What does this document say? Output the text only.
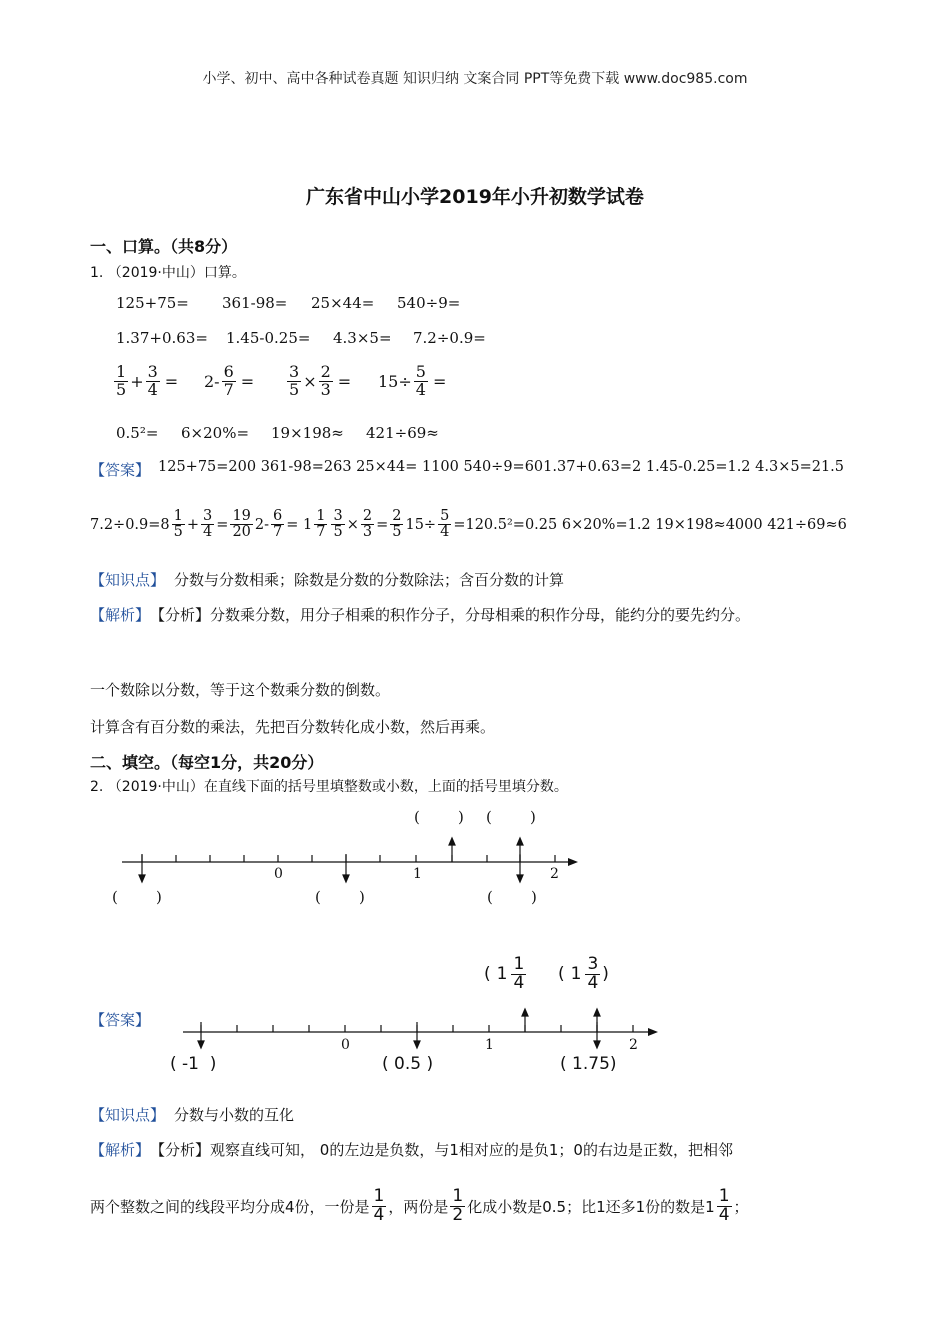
小学、初中、高中各种试卷真题 知识归纳 文案合同 PPT等免费下载 www.doc985.com
广东省中山小学2019年小升初数学试卷
一、口算。（共8分）
1. （2019·中山）口算。
125+75= 361-98= 25×44= 540÷9=
1.37+0.63= 1.45-0.25= 4.3×5= 7.2÷0.9=
$\frac{1}{5} + \frac{3}{4} = 2- \frac{6}{7} = \frac{3}{5} \times \frac{2}{3} = 15\div \frac{5}{4}$ =
0.5²= 6×20%= 19×198≈ 421÷69≈
【答案】 125+75=200 361-98=263 25×44= 1100 540÷9=601.37+0.63=2 1.45-0.25=1.2 4.3×5=21.5
$7.2\div 0.9=8 \frac{1}{5} + \frac{3}{4} = \frac{19}{20} 2- \frac{6}{7} = 1 \frac{1}{7} \frac{3}{5} \times \frac{2}{3} = \frac{2}{5} 15\div \frac{5}{4} =120.5^2=0.25$ 6×20%=1.2 19×198≈4000 421÷69≈6
【知识点】 分数与分数相乘；除数是分数的分数除法；含百分数的计算
【解析】 【分析】分数乘分数，用分子相乘的积作分子，分母相乘的积作分母，能约分的要先约分。
一个数除以分数，等于这个数乘分数的倒数。
计算含有百分数的乘法，先把百分数转化成小数，然后再乘。
二、填空。（每空1分，共20分）
2. （2019·中山）在直线下面的括号里填整数或小数，上面的括号里填分数。
0	1	2
(        ) (        )
(        )	(        )	(        )
【答案】
0	1	2
( $1 \frac{1}{4}$ ( $1 \frac{3}{4}$ )
( -1  )	( 0.5 )	( 1.75)
【知识点】 分数与小数的互化
【解析】 【分析】观察直线可知， 0的左边是负数，与1相对应的是负1；0的右边是正数，把相邻
两个整数之间的线段平均分成4份，一份是 $\frac{1}{4}$ ，两份是 $\frac{1}{2}$ 化成小数是0.5；比1还多1份的数是$1 \frac{1}{4}$ ；
